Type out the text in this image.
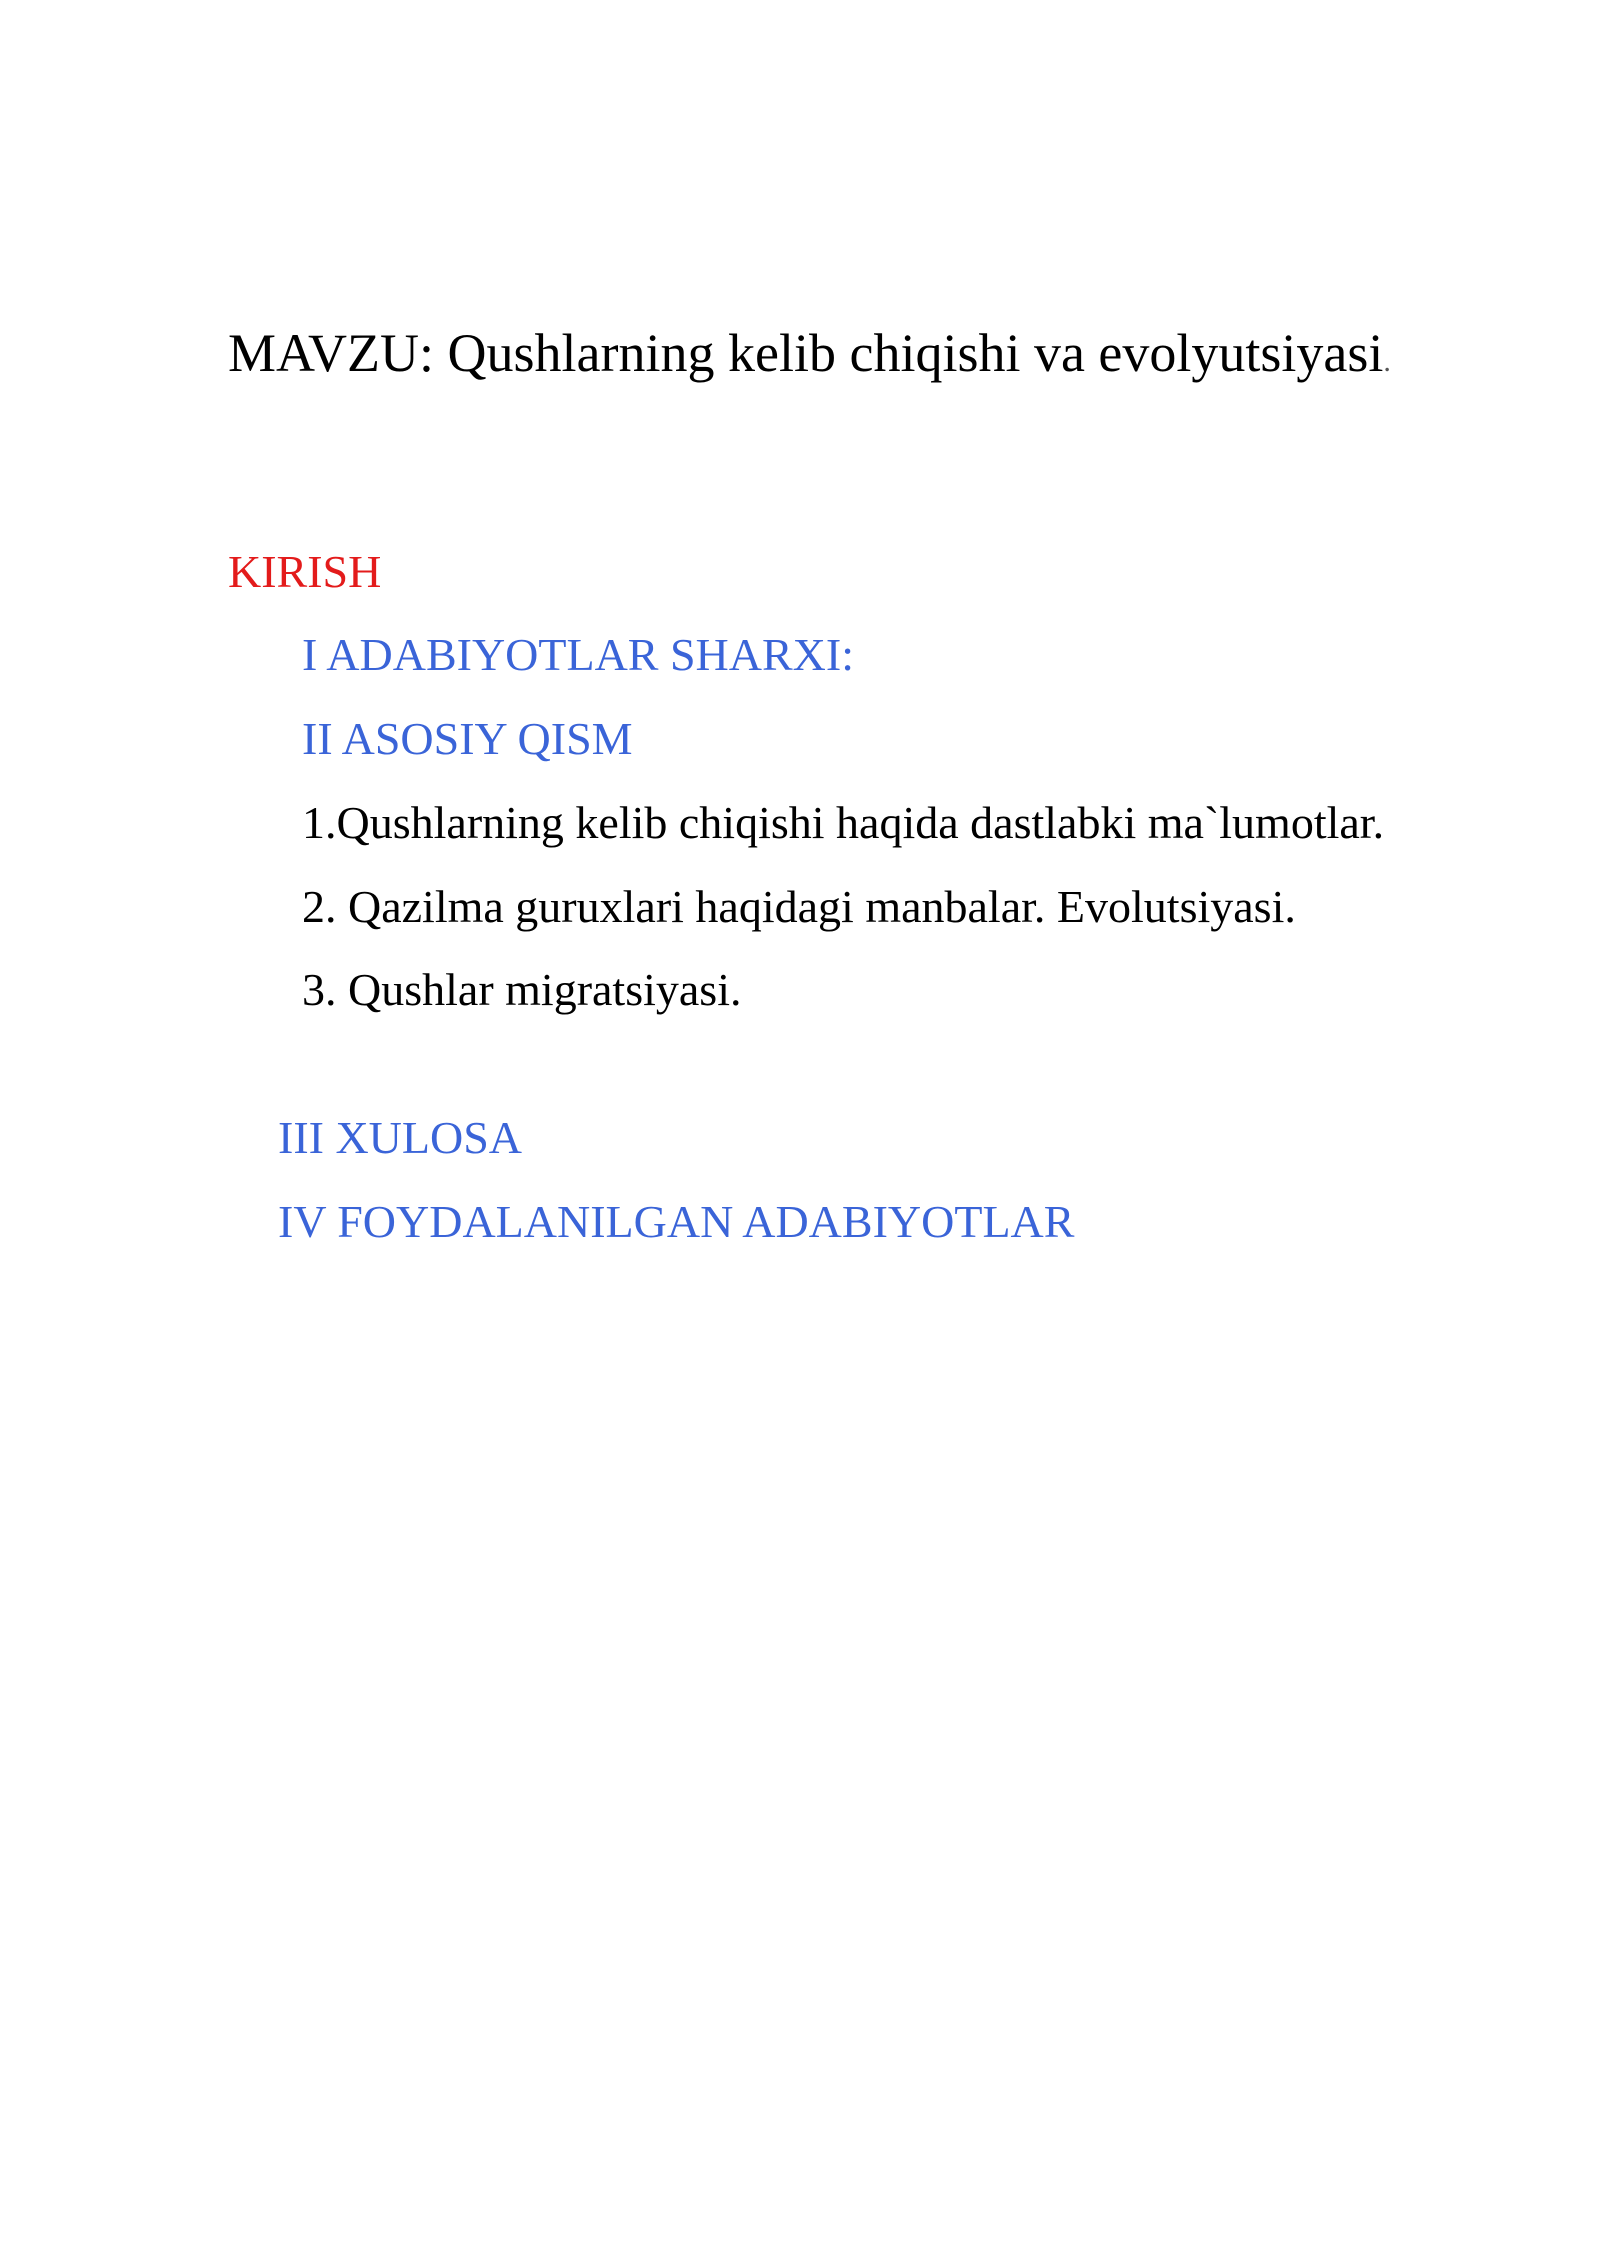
MAVZU: Qushlarning kelib chiqishi va evolyutsiyasi.
KIRISH
I ADABIYOTLAR SHARXI:
II ASOSIY QISM
1.Qushlarning kelib chiqishi haqida dastlabki ma`lumotlar.
2. Qazilma guruxlari haqidagi manbalar. Evolutsiyasi.
3. Qushlar migratsiyasi.
III XULOSA
IV FOYDALANILGAN ADABIYOTLAR
